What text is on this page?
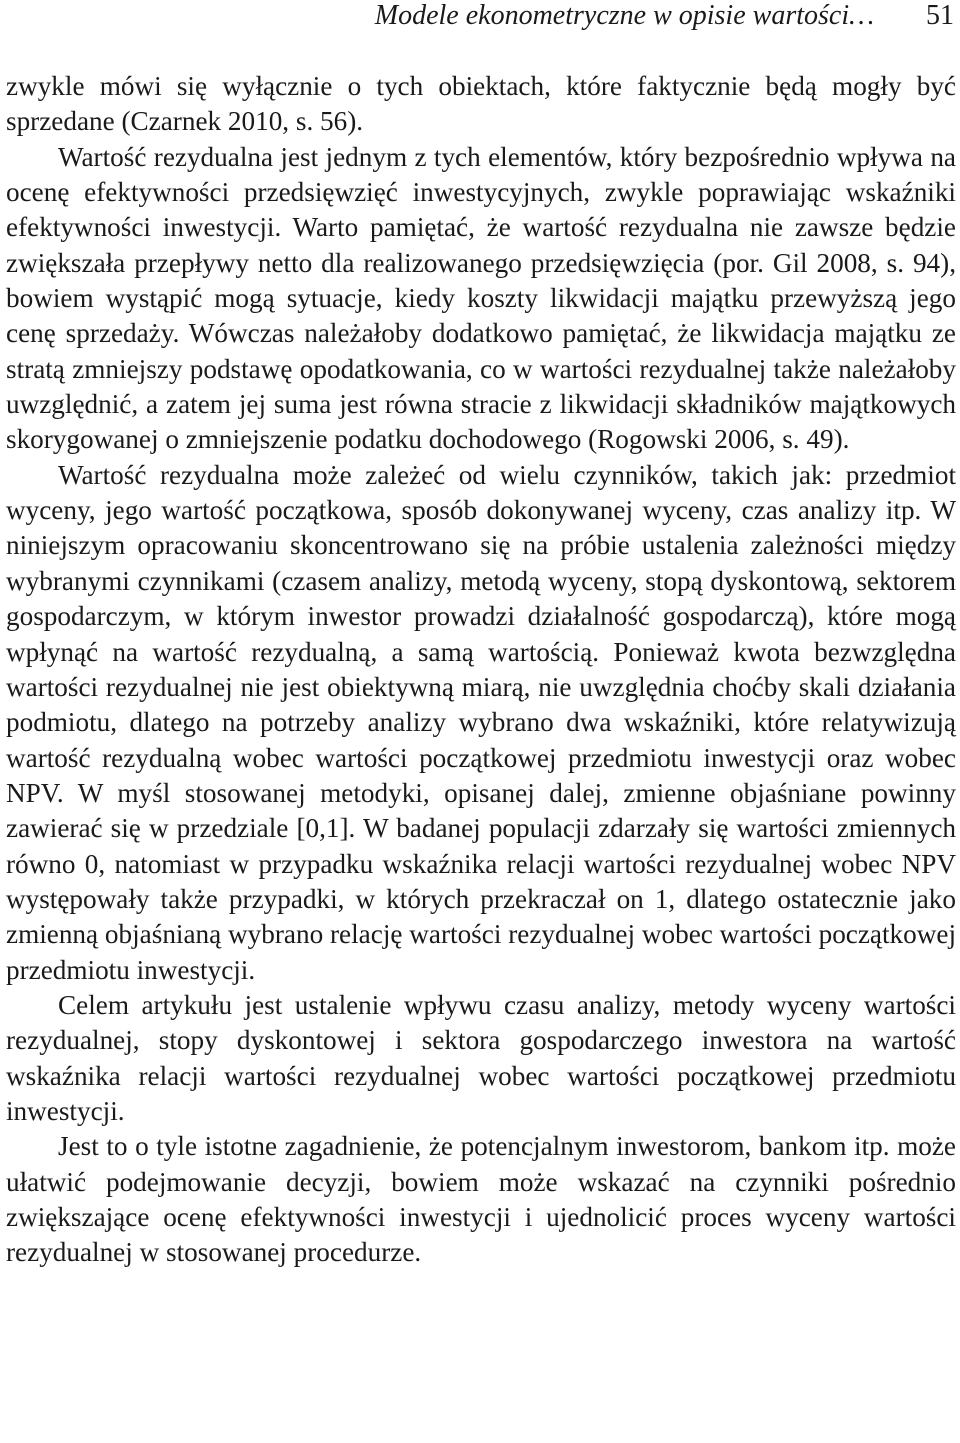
Modele ekonometryczne w opisie wartości… 51

zwykle mówi się wyłącznie o tych obiektach, które faktycznie będą mogły być sprzedane (Czarnek 2010, s. 56).

Wartość rezydualna jest jednym z tych elementów, który bezpośrednio wpływa na ocenę efektywności przedsięwzięć inwestycyjnych, zwykle poprawiając wskaźniki efektywności inwestycji. Warto pamiętać, że wartość rezydualna nie zawsze będzie zwiększała przepływy netto dla realizowanego przedsięwzięcia (por. Gil 2008, s. 94), bowiem wystąpić mogą sytuacje, kiedy koszty likwidacji majątku przewyższą jego cenę sprzedaży. Wówczas należałoby dodatkowo pamiętać, że likwidacja majątku ze stratą zmniejszy podstawę opodatkowania, co w wartości rezydualnej także należałoby uwzględnić, a zatem jej suma jest równa stracie z likwidacji składników majątkowych skorygowanej o zmniejszenie podatku dochodowego (Rogowski 2006, s. 49).

Wartość rezydualna może zależeć od wielu czynników, takich jak: przedmiot wyceny, jego wartość początkowa, sposób dokonywanej wyceny, czas analizy itp. W niniejszym opracowaniu skoncentrowano się na próbie ustalenia zależności między wybranymi czynnikami (czasem analizy, metodą wyceny, stopą dyskontową, sektorem gospodarczym, w którym inwestor prowadzi działalność gospodarczą), które mogą wpłynąć na wartość rezydualną, a samą wartością. Ponieważ kwota bezwzględna wartości rezydualnej nie jest obiektywną miarą, nie uwzględnia choćby skali działania podmiotu, dlatego na potrzeby analizy wybrano dwa wskaźniki, które relatywizują wartość rezydualną wobec wartości początkowej przedmiotu inwestycji oraz wobec NPV. W myśl stosowanej metodyki, opisanej dalej, zmienne objaśniane powinny zawierać się w przedziale [0,1]. W badanej populacji zdarzały się wartości zmiennych równo 0, natomiast w przypadku wskaźnika relacji wartości rezydualnej wobec NPV występowały także przypadki, w których przekraczał on 1, dlatego ostatecznie jako zmienną objaśnianą wybrano relację wartości rezydualnej wobec wartości początkowej przedmiotu inwestycji.

Celem artykułu jest ustalenie wpływu czasu analizy, metody wyceny wartości rezydualnej, stopy dyskontowej i sektora gospodarczego inwestora na wartość wskaźnika relacji wartości rezydualnej wobec wartości początkowej przedmiotu inwestycji.

Jest to o tyle istotne zagadnienie, że potencjalnym inwestorom, bankom itp. może ułatwić podejmowanie decyzji, bowiem może wskazać na czynniki pośrednio zwiększające ocenę efektywności inwestycji i ujednolicić proces wyceny wartości rezydualnej w stosowanej procedurze.
